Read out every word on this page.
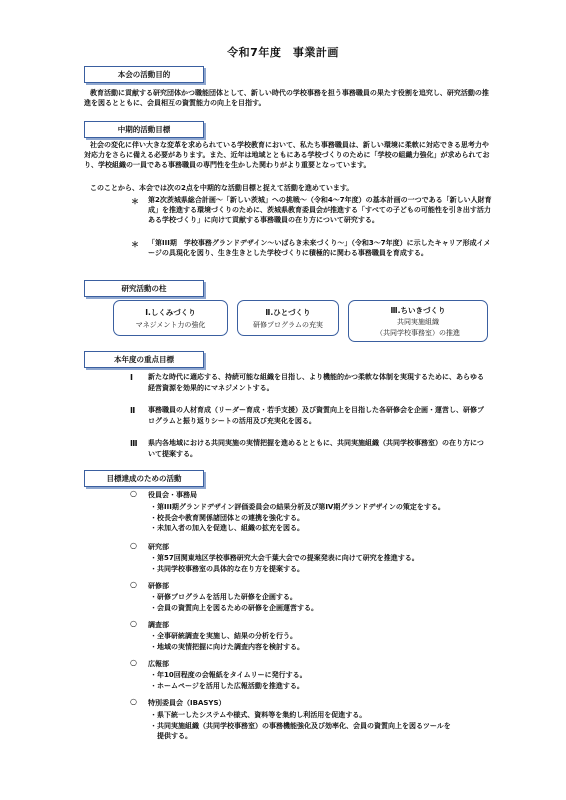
令和7年度　事業計画
本会の活動目的
教育活動に貢献する研究団体かつ職能団体として、新しい時代の学校事務を担う事務職員の果たす役割を追究し、研究活動の推進を図るとともに、会員相互の資質能力の向上を目指す。
中期的活動目標
社会の変化に伴い大きな変革を求められている学校教育において、私たち事務職員は、新しい環境に柔軟に対応できる思考力や対応力をさらに備える必要があります。また、近年は地域とともにある学校づくりのために「学校の組織力強化」が求められており、学校組織の一員である事務職員の専門性を生かした関わりがより重要となっています。
このことから、本会では次の2点を中期的な活動目標と捉えて活動を進めています。
＊ 第2次茨城県総合計画～「新しい茨城」への挑戦～（令和4～7年度）の基本計画の一つである「新しい人財育成」を推進する環境づくりのために、茨城県教育委員会が推進する「すべての子どもの可能性を引き出す活力ある学校づくり」に向けて貢献する事務職員の在り方について研究する。
＊ 「第III期　学校事務グランドデザイン～いばらき未来づくり～」（令和3～7年度）に示したキャリア形成イメージの具現化を図り、生き生きとした学校づくりに積極的に関わる事務職員を育成する。
研究活動の柱
Ⅰ.しくみづくり
マネジメント力の強化
Ⅱ.ひとづくり
研修プログラムの充実
Ⅲ.ちいきづくり
共同実施組織
（共同学校事務室）の推進
本年度の重点目標
Ⅰ 新たな時代に適応する、持続可能な組織を目指し、より機能的かつ柔軟な体制を実現するために、あらゆる経営資源を効果的にマネジメントする。
Ⅱ 事務職員の人材育成（リーダー育成・若手支援）及び資質向上を目指した各研修会を企画・運営し、研修プログラムと振り返りシートの活用及び充実化を図る。
Ⅲ 県内各地域における共同実施の実情把握を進めるとともに、共同実施組織（共同学校事務室）の在り方について提案する。
目標達成のための活動
○ 役員会・事務局
・第III期グランドデザイン評価委員会の結果分析及び第IV期グランドデザインの策定をする。
・校長会や教育関係諸団体との連携を強化する。
・未加入者の加入を促進し、組織の拡充を図る。
○ 研究部
・第57回関東地区学校事務研究大会千葉大会での提案発表に向けて研究を推進する。
・共同学校事務室の具体的な在り方を提案する。
○ 研修部
・研修プログラムを活用した研修を企画する。
・会員の資質向上を図るための研修を企画運営する。
○ 調査部
・全事研統調査を実施し、結果の分析を行う。
・地域の実情把握に向けた調査内容を検討する。
○ 広報部
・年10回程度の会報紙をタイムリーに発行する。
・ホームページを活用した広報活動を推進する。
○ 特別委員会（IBASYS）
・県下統一したシステムや様式、資料等を集約し利活用を促進する。
・共同実施組織（共同学校事務室）の事務機能強化及び効率化、会員の資質向上を図るツールを
　提供する。
